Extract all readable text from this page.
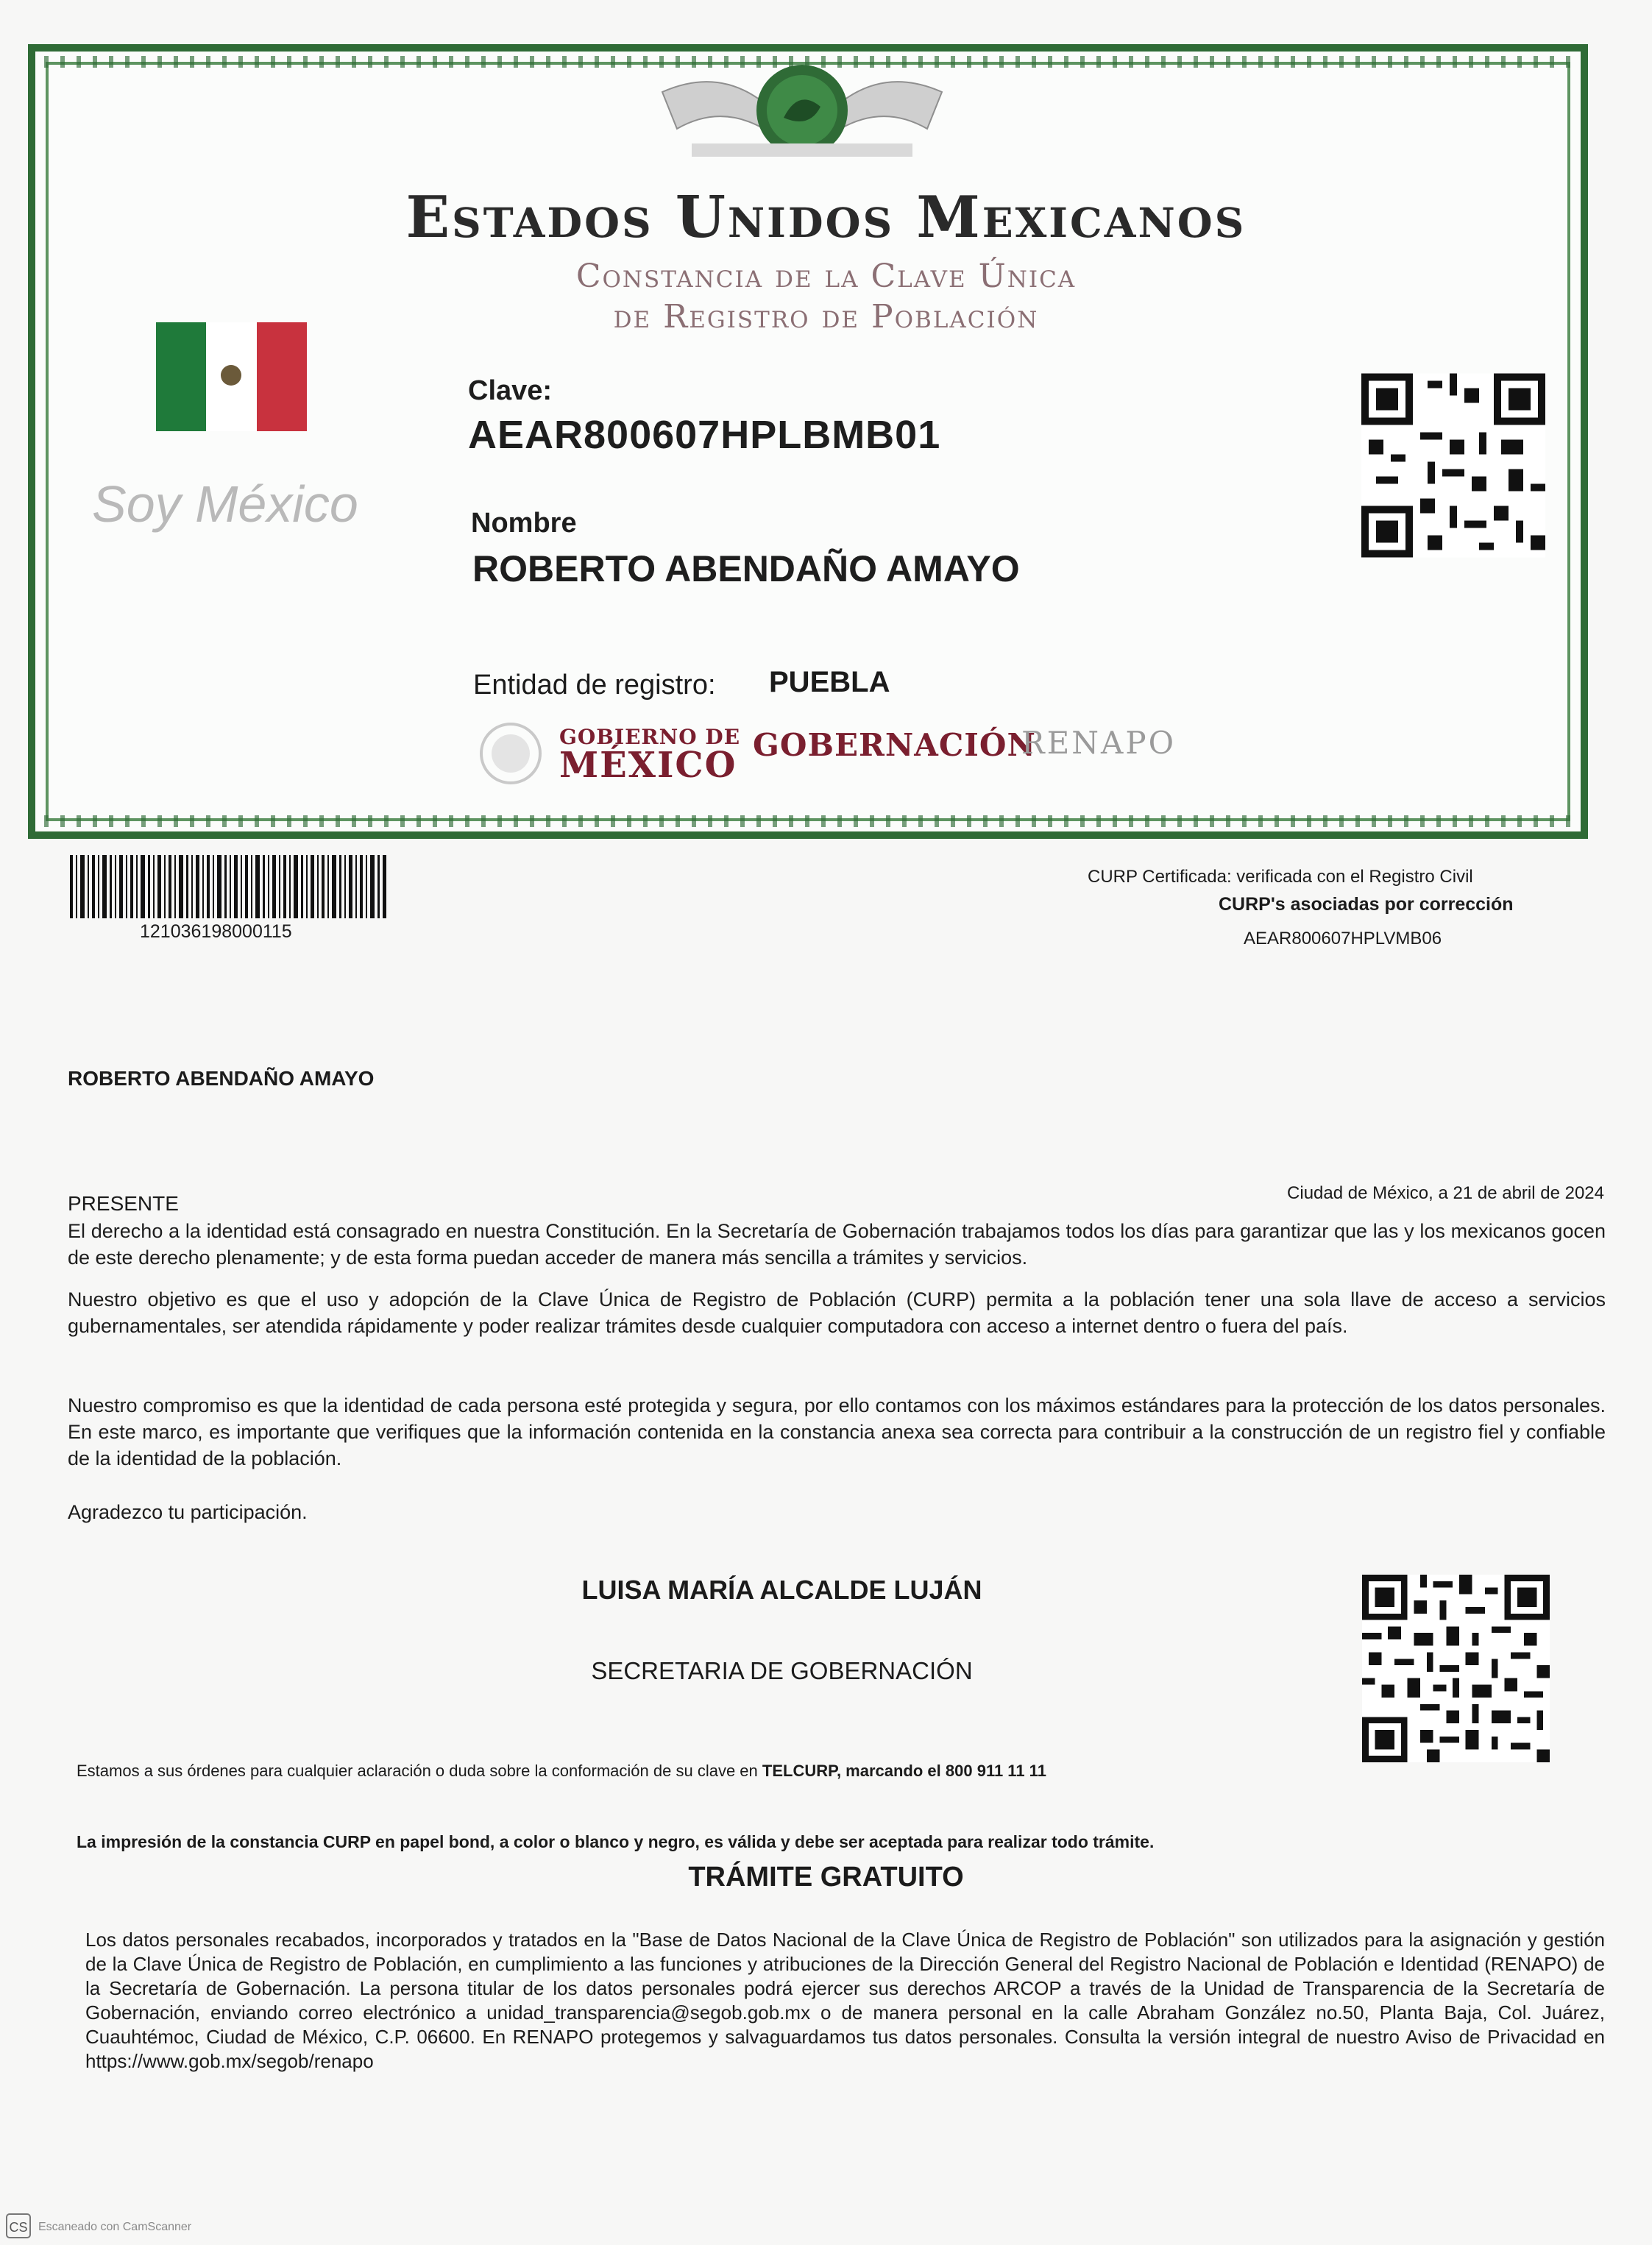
Estados Unidos Mexicanos
Constancia de la Clave Única
de Registro de Población
Soy México
Clave:
AEAR800607HPLBMB01
Nombre
ROBERTO ABENDAÑO AMAYO
Entidad de registro: PUEBLA
GOBIERNO DE
MÉXICO GOBERNACIÓN
RENAPO
121036198000115
CURP Certificada: verificada con el Registro Civil
CURP's asociadas por corrección
AEAR800607HPLVMB06
ROBERTO ABENDAÑO AMAYO
PRESENTE	Ciudad de México, a 21 de abril de 2024
El derecho a la identidad está consagrado en nuestra Constitución. En la Secretaría de Gobernación trabajamos todos los días para garantizar que las y los mexicanos gocen de este derecho plenamente; y de esta forma puedan acceder de manera más sencilla a trámites y servicios.
Nuestro objetivo es que el uso y adopción de la Clave Única de Registro de Población (CURP) permita a la población tener una sola llave de acceso a servicios gubernamentales, ser atendida rápidamente y poder realizar trámites desde cualquier computadora con acceso a internet dentro o fuera del país.
Nuestro compromiso es que la identidad de cada persona esté protegida y segura, por ello contamos con los máximos estándares para la protección de los datos personales. En este marco, es importante que verifiques que la información contenida en la constancia anexa sea correcta para contribuir a la construcción de un registro fiel y confiable de la identidad de la población.
Agradezco tu participación.
LUISA MARÍA ALCALDE LUJÁN
SECRETARIA DE GOBERNACIÓN
Estamos a sus órdenes para cualquier aclaración o duda sobre la conformación de su clave en TELCURP, marcando el 800 911 11 11
La impresión de la constancia CURP en papel bond, a color o blanco y negro, es válida y debe ser aceptada para realizar todo trámite.
TRÁMITE GRATUITO
Los datos personales recabados, incorporados y tratados en la "Base de Datos Nacional de la Clave Única de Registro de Población" son utilizados para la asignación y gestión de la Clave Única de Registro de Población, en cumplimiento a las funciones y atribuciones de la Dirección General del Registro Nacional de Población e Identidad (RENAPO) de la Secretaría de Gobernación. La persona titular de los datos personales podrá ejercer sus derechos ARCOP a través de la Unidad de Transparencia de la Secretaría de Gobernación, enviando correo electrónico a unidad_transparencia@segob.gob.mx o de manera personal en la calle Abraham González no.50, Planta Baja, Col. Juárez, Cuauhtémoc, Ciudad de México, C.P. 06600. En RENAPO protegemos y salvaguardamos tus datos personales. Consulta la versión integral de nuestro Aviso de Privacidad en https://www.gob.mx/segob/renapo
CS Escaneado con CamScanner
